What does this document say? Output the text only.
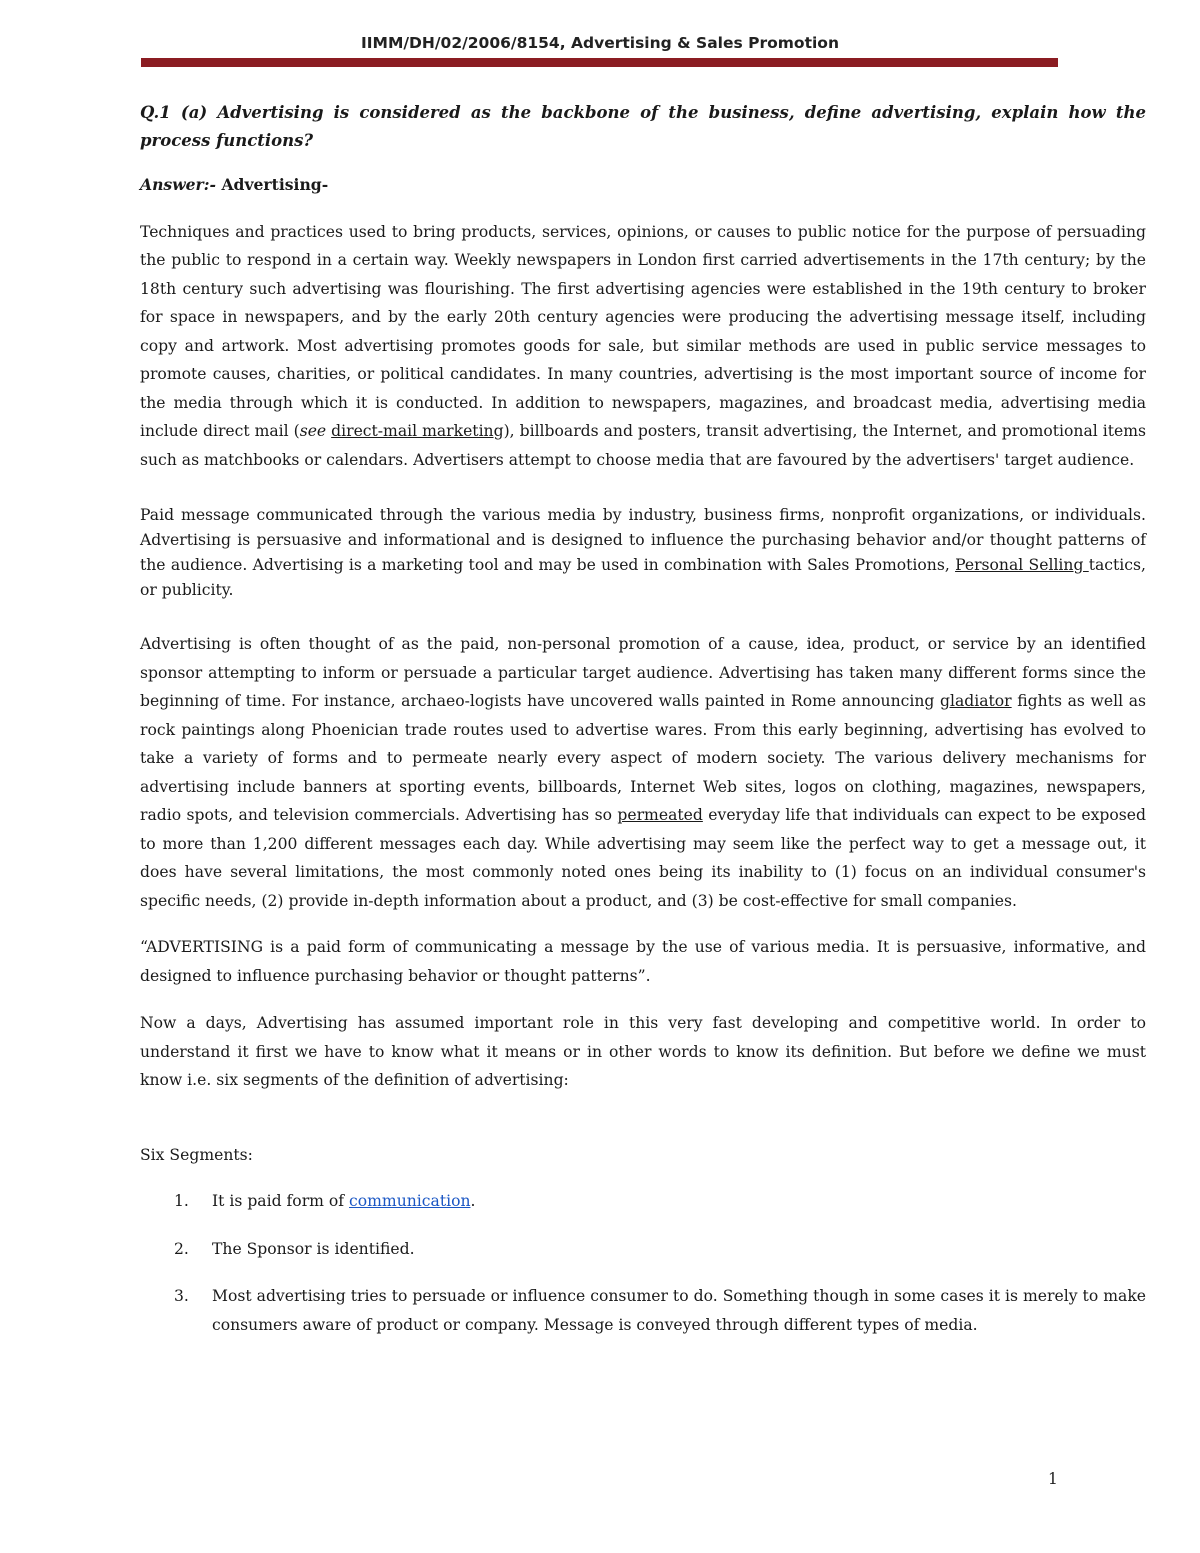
IIMM/DH/02/2006/8154, Advertising & Sales Promotion

Q.1 (a) Advertising is considered as the backbone of the business, define advertising, explain how the process functions?

Answer:- Advertising-

Techniques and practices used to bring products, services, opinions, or causes to public notice for the purpose of persuading the public to respond in a certain way. Weekly newspapers in London first carried advertisements in the 17th century; by the 18th century such advertising was flourishing. The first advertising agencies were established in the 19th century to broker for space in newspapers, and by the early 20th century agencies were producing the advertising message itself, including copy and artwork. Most advertising promotes goods for sale, but similar methods are used in public service messages to promote causes, charities, or political candidates. In many countries, advertising is the most important source of income for the media through which it is conducted. In addition to newspapers, magazines, and broadcast media, advertising media include direct mail (see direct-mail marketing), billboards and posters, transit advertising, the Internet, and promotional items such as matchbooks or calendars. Advertisers attempt to choose media that are favoured by the advertisers' target audience.

Paid message communicated through the various media by industry, business firms, nonprofit organizations, or individuals. Advertising is persuasive and informational and is designed to influence the purchasing behavior and/or thought patterns of the audience. Advertising is a marketing tool and may be used in combination with Sales Promotions, Personal Selling tactics, or publicity.

Advertising is often thought of as the paid, non-personal promotion of a cause, idea, product, or service by an identified sponsor attempting to inform or persuade a particular target audience. Advertising has taken many different forms since the beginning of time. For instance, archaeo-logists have uncovered walls painted in Rome announcing gladiator fights as well as rock paintings along Phoenician trade routes used to advertise wares. From this early beginning, advertising has evolved to take a variety of forms and to permeate nearly every aspect of modern society. The various delivery mechanisms for advertising include banners at sporting events, billboards, Internet Web sites, logos on clothing, magazines, newspapers, radio spots, and television commercials. Advertising has so permeated everyday life that individuals can expect to be exposed to more than 1,200 different messages each day. While advertising may seem like the perfect way to get a message out, it does have several limitations, the most commonly noted ones being its inability to (1) focus on an individual consumer's specific needs, (2) provide in-depth information about a product, and (3) be cost-effective for small companies.

“ADVERTISING is a paid form of communicating a message by the use of various media. It is persuasive, informative, and designed to influence purchasing behavior or thought patterns”.

Now a days, Advertising has assumed important role in this very fast developing and competitive world. In order to understand it first we have to know what it means or in other words to know its definition. But before we define we must know i.e. six segments of the definition of advertising:

Six Segments:

1. It is paid form of communication.
2. The Sponsor is identified.
3. Most advertising tries to persuade or influence consumer to do. Something though in some cases it is merely to make consumers aware of product or company. Message is conveyed through different types of media.
1
